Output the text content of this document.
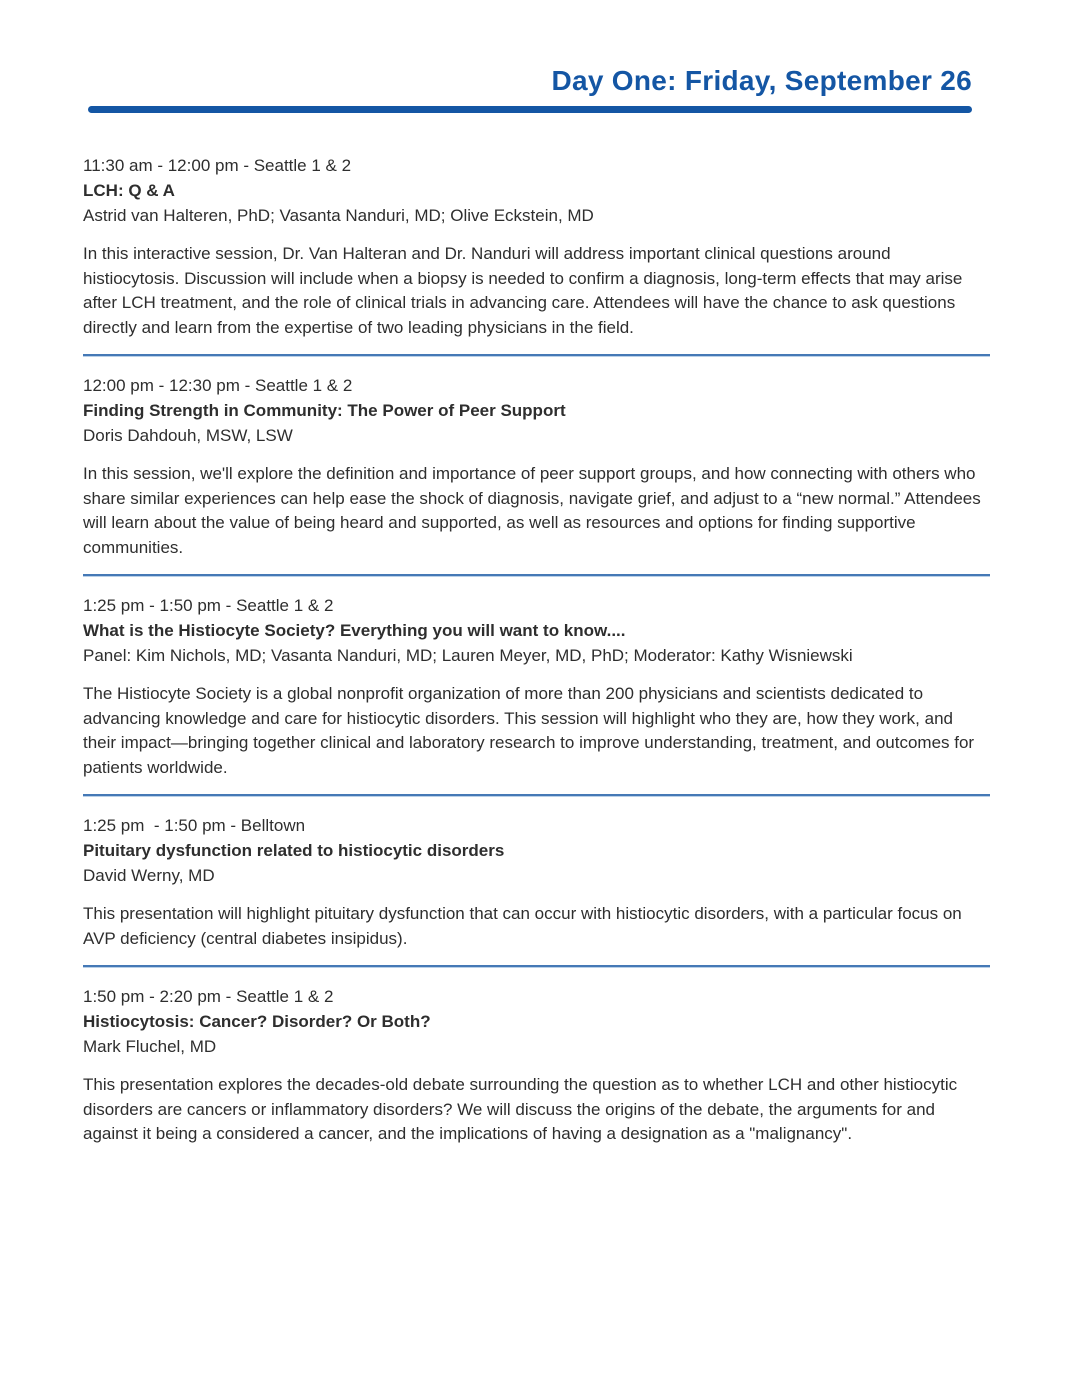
Day One: Friday, September 26
11:30 am - 12:00 pm - Seattle 1 & 2
LCH: Q & A
Astrid van Halteren, PhD; Vasanta Nanduri, MD; Olive Eckstein, MD
In this interactive session, Dr. Van Halteran and Dr. Nanduri will address important clinical questions around histiocytosis. Discussion will include when a biopsy is needed to confirm a diagnosis, long-term effects that may arise after LCH treatment, and the role of clinical trials in advancing care. Attendees will have the chance to ask questions directly and learn from the expertise of two leading physicians in the field.
12:00 pm - 12:30 pm - Seattle 1 & 2
Finding Strength in Community: The Power of Peer Support
Doris Dahdouh, MSW, LSW
In this session, we'll explore the definition and importance of peer support groups, and how connecting with others who share similar experiences can help ease the shock of diagnosis, navigate grief, and adjust to a “new normal.” Attendees will learn about the value of being heard and supported, as well as resources and options for finding supportive communities.
1:25 pm - 1:50 pm - Seattle 1 & 2
What is the Histiocyte Society? Everything you will want to know....
Panel: Kim Nichols, MD; Vasanta Nanduri, MD; Lauren Meyer, MD, PhD; Moderator: Kathy Wisniewski
The Histiocyte Society is a global nonprofit organization of more than 200 physicians and scientists dedicated to advancing knowledge and care for histiocytic disorders. This session will highlight who they are, how they work, and their impact—bringing together clinical and laboratory research to improve understanding, treatment, and outcomes for patients worldwide.
1:25 pm  - 1:50 pm - Belltown
Pituitary dysfunction related to histiocytic disorders
David Werny, MD
This presentation will highlight pituitary dysfunction that can occur with histiocytic disorders, with a particular focus on AVP deficiency (central diabetes insipidus).
1:50 pm - 2:20 pm - Seattle 1 & 2
Histiocytosis: Cancer? Disorder? Or Both?
Mark Fluchel, MD
This presentation explores the decades-old debate surrounding the question as to whether LCH and other histiocytic disorders are cancers or inflammatory disorders? We will discuss the origins of the debate, the arguments for and against it being a considered a cancer, and the implications of having a designation as a "malignancy".
